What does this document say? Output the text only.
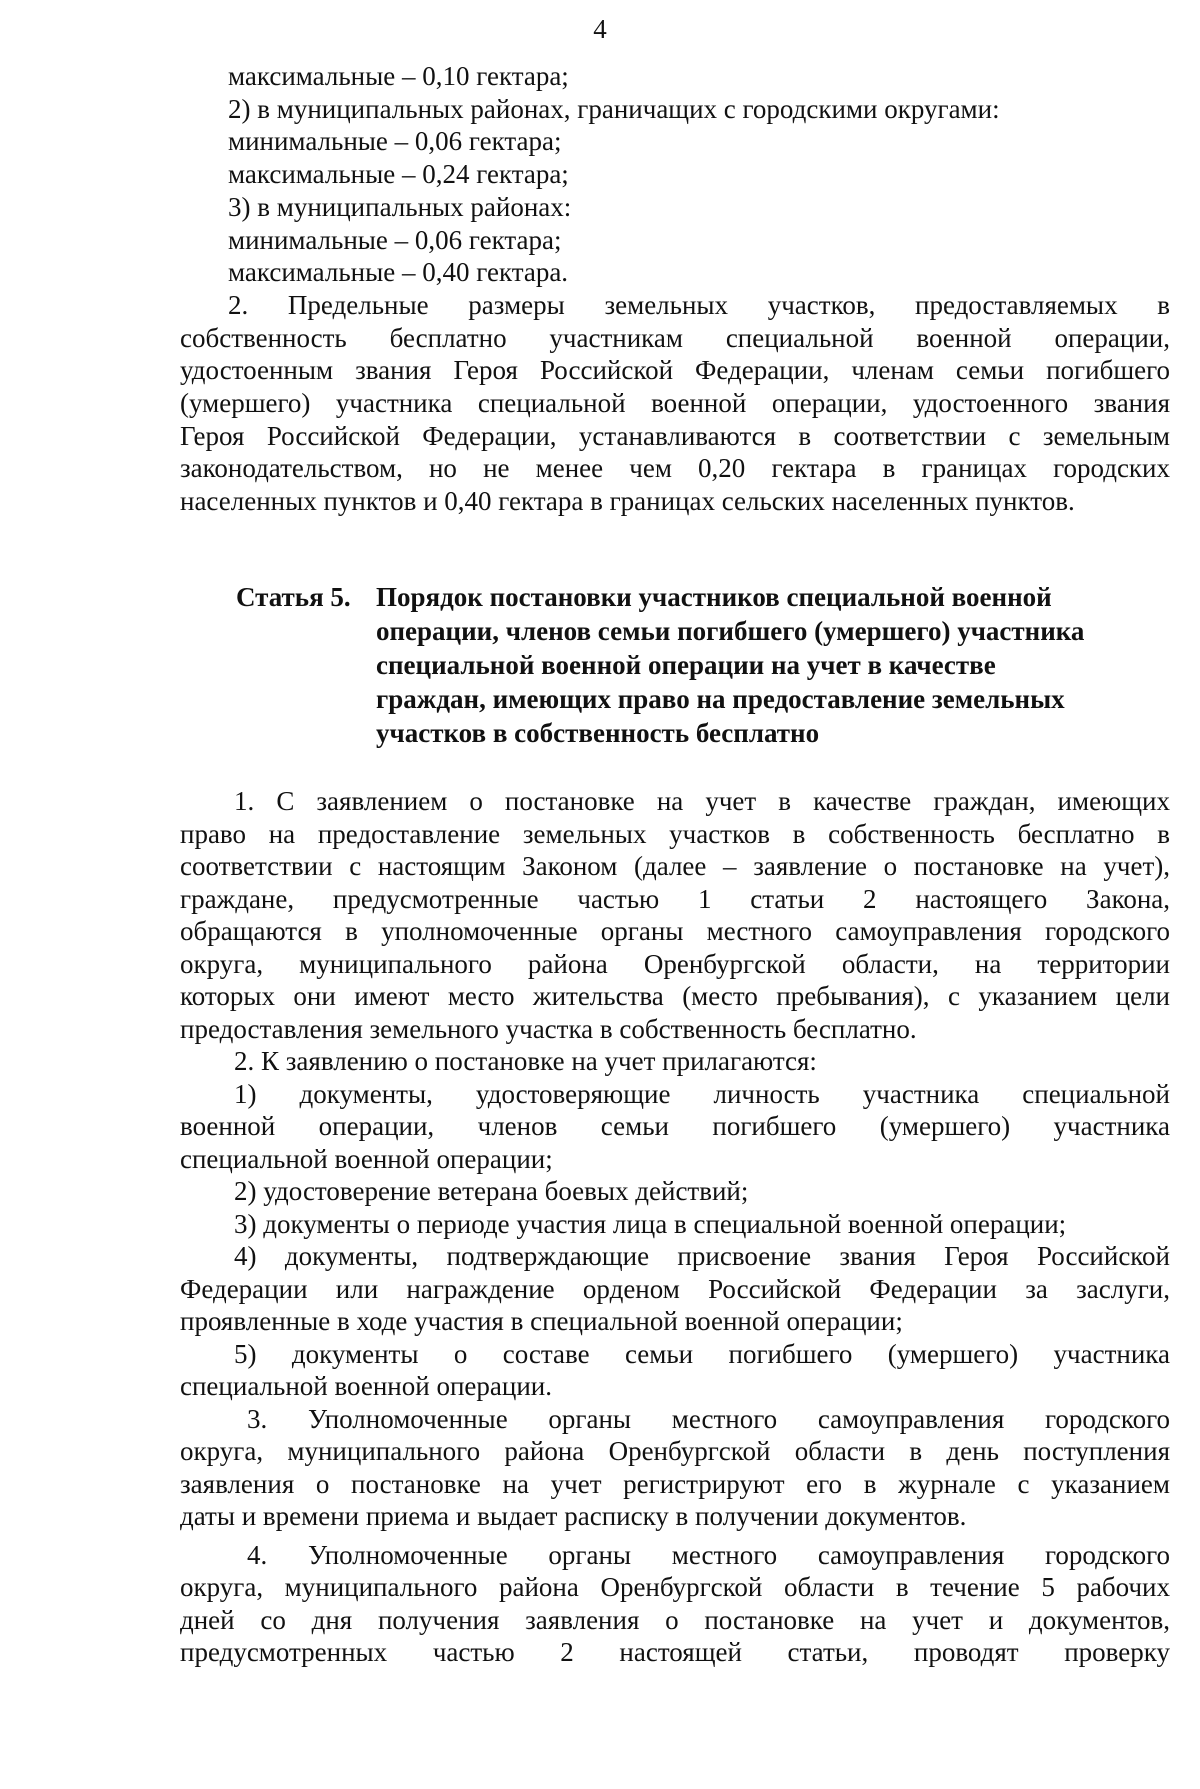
4
максимальные – 0,10 гектара;
2) в муниципальных районах, граничащих с городскими округами:
минимальные – 0,06 гектара;
максимальные – 0,24 гектара;
3) в муниципальных районах:
минимальные – 0,06 гектара;
максимальные – 0,40 гектара.
2. Предельные размеры земельных участков, предоставляемых в
собственность бесплатно участникам специальной военной операции,
удостоенным звания Героя Российской Федерации, членам семьи погибшего
(умершего) участника специальной военной операции, удостоенного звания
Героя Российской Федерации, устанавливаются в соответствии с земельным
законодательством, но не менее чем 0,20 гектара в границах городских
населенных пунктов и 0,40 гектара в границах сельских населенных пунктов.
Статья 5. Порядок постановки участников специальной военной
операции, членов семьи погибшего (умершего) участника
специальной военной операции на учет в качестве
граждан, имеющих право на предоставление земельных
участков в собственность бесплатно
1. С заявлением о постановке на учет в качестве граждан, имеющих
право на предоставление земельных участков в собственность бесплатно в
соответствии с настоящим Законом (далее – заявление о постановке на учет),
граждане, предусмотренные частью 1 статьи 2 настоящего Закона,
обращаются в уполномоченные органы местного самоуправления городского
округа, муниципального района Оренбургской области, на территории
которых они имеют место жительства (место пребывания), с указанием цели
предоставления земельного участка в собственность бесплатно.
2. К заявлению о постановке на учет прилагаются:
1) документы, удостоверяющие личность участника специальной
военной операции, членов семьи погибшего (умершего) участника
специальной военной операции;
2) удостоверение ветерана боевых действий;
3) документы о периоде участия лица в специальной военной операции;
4) документы, подтверждающие присвоение звания Героя Российской
Федерации или награждение орденом Российской Федерации за заслуги,
проявленные в ходе участия в специальной военной операции;
5) документы о составе семьи погибшего (умершего) участника
специальной военной операции.
3. Уполномоченные органы местного самоуправления городского
округа, муниципального района Оренбургской области в день поступления
заявления о постановке на учет регистрируют его в журнале с указанием
даты и времени приема и выдает расписку в получении документов.
4. Уполномоченные органы местного самоуправления городского
округа, муниципального района Оренбургской области в течение 5 рабочих
дней со дня получения заявления о постановке на учет и документов,
предусмотренных частью 2 настоящей статьи, проводят проверку
